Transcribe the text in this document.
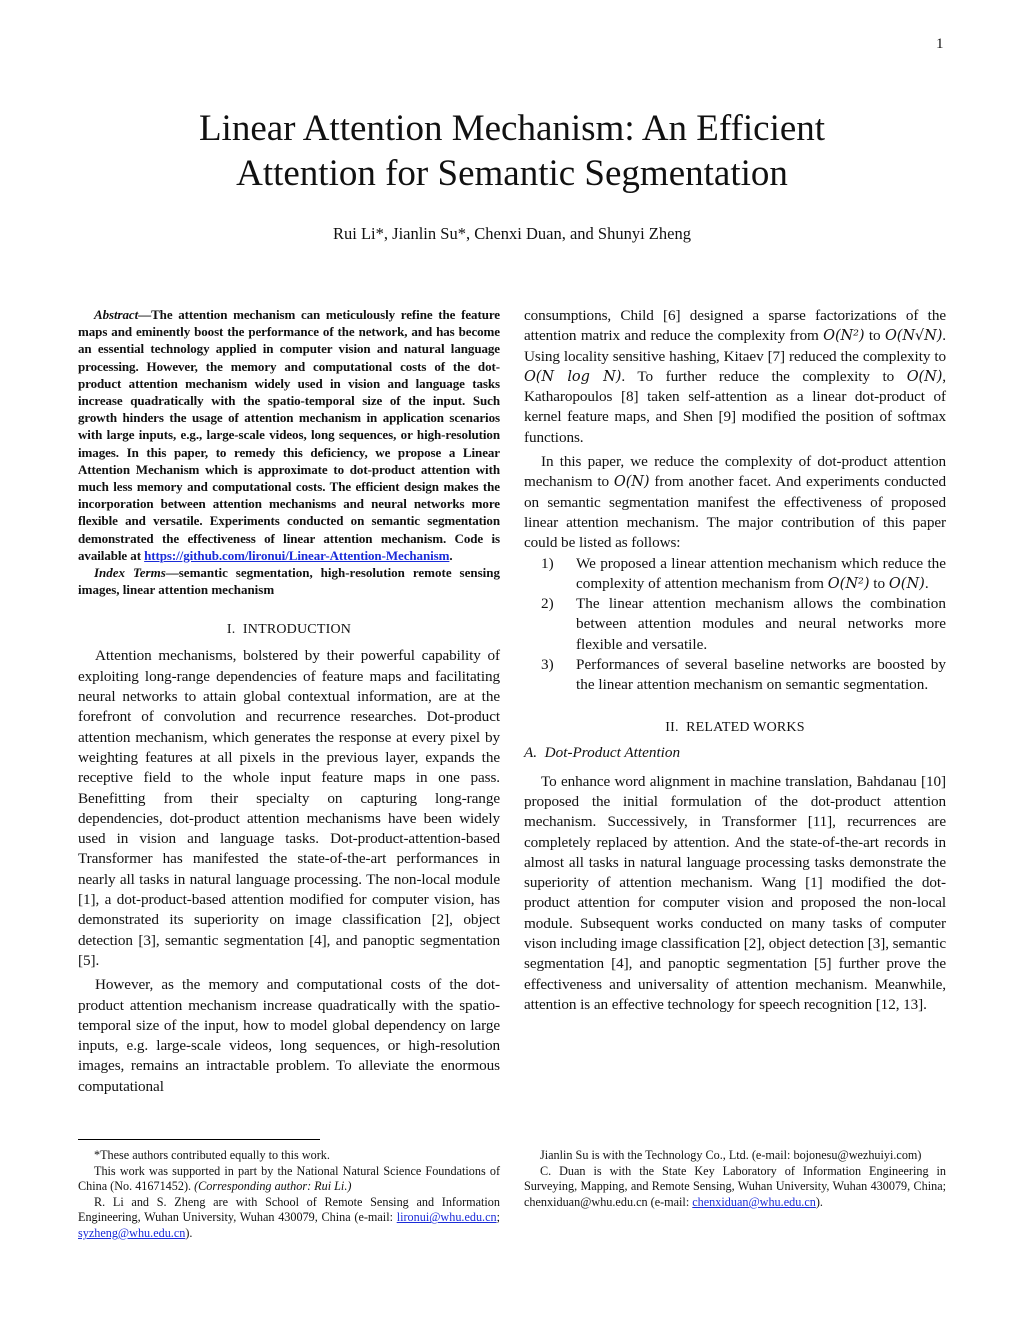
1
Linear Attention Mechanism: An Efficient
Attention for Semantic Segmentation
Rui Li*, Jianlin Su*, Chenxi Duan, and Shunyi Zheng

Abstract—The attention mechanism can meticulously refine the feature maps and eminently boost the performance of the network, and has become an essential technology applied in computer vision and natural language processing. However, the memory and computational costs of the dot-product attention mechanism widely used in vision and language tasks increase quadratically with the spatio-temporal size of the input. Such growth hinders the usage of attention mechanism in application scenarios with large inputs, e.g., large-scale videos, long sequences, or high-resolution images. In this paper, to remedy this deficiency, we propose a Linear Attention Mechanism which is approximate to dot-product attention with much less memory and computational costs. The efficient design makes the incorporation between attention mechanisms and neural networks more flexible and versatile. Experiments conducted on semantic segmentation demonstrated the effectiveness of linear attention mechanism. Code is available at https://github.com/lironui/Linear-Attention-Mechanism.

Index Terms—semantic segmentation, high-resolution remote sensing images, linear attention mechanism

I. INTRODUCTION

Attention mechanisms, bolstered by their powerful capability of exploiting long-range dependencies of feature maps and facilitating neural networks to attain global contextual information, are at the forefront of convolution and recurrence researches. Dot-product attention mechanism, which generates the response at every pixel by weighting features at all pixels in the previous layer, expands the receptive field to the whole input feature maps in one pass. Benefitting from their specialty on capturing long-range dependencies, dot-product attention mechanisms have been widely used in vision and language tasks. Dot-product-attention-based Transformer has manifested the state-of-the-art performances in nearly all tasks in natural language processing. The non-local module [1], a dot-product-based attention modified for computer vision, has demonstrated its superiority on image classification [2], object detection [3], semantic segmentation [4], and panoptic segmentation [5].

However, as the memory and computational costs of the dot-product attention mechanism increase quadratically with the spatio-temporal size of the input, how to model global dependency on large inputs, e.g. large-scale videos, long sequences, or high-resolution images, remains an intractable problem. To alleviate the enormous computational

consumptions, Child [6] designed a sparse factorizations of the attention matrix and reduce the complexity from O(N²) to O(N√N). Using locality sensitive hashing, Kitaev [7] reduced the complexity to O(N log N). To further reduce the complexity to O(N), Katharopoulos [8] taken self-attention as a linear dot-product of kernel feature maps, and Shen [9] modified the position of softmax functions.

In this paper, we reduce the complexity of dot-product attention mechanism to O(N) from another facet. And experiments conducted on semantic segmentation manifest the effectiveness of proposed linear attention mechanism. The major contribution of this paper could be listed as follows:

1) We proposed a linear attention mechanism which reduce the complexity of attention mechanism from O(N²) to O(N).
2) The linear attention mechanism allows the combination between attention modules and neural networks more flexible and versatile.
3) Performances of several baseline networks are boosted by the linear attention mechanism on semantic segmentation.
II. RELATED WORKS
A. Dot-Product Attention

To enhance word alignment in machine translation, Bahdanau [10] proposed the initial formulation of the dot-product attention mechanism. Successively, in Transformer [11], recurrences are completely replaced by attention. And the state-of-the-art records in almost all tasks in natural language processing tasks demonstrate the superiority of attention mechanism. Wang [1] modified the dot-product attention for computer vision and proposed the non-local module. Subsequent works conducted on many tasks of computer vison including image classification [2], object detection [3], semantic segmentation [4], and panoptic segmentation [5] further prove the effectiveness and universality of attention mechanism. Meanwhile, attention is an effective technology for speech recognition [12, 13].

*These authors contributed equally to this work.

This work was supported in part by the National Natural Science Foundations of China (No. 41671452). (Corresponding author: Rui Li.)

R. Li and S. Zheng are with School of Remote Sensing and Information Engineering, Wuhan University, Wuhan 430079, China (e-mail: lironui@whu.edu.cn; syzheng@whu.edu.cn).

Jianlin Su is with the Technology Co., Ltd. (e-mail: bojonesu@wezhuiyi.com)

C. Duan is with the State Key Laboratory of Information Engineering in Surveying, Mapping, and Remote Sensing, Wuhan University, Wuhan 430079, China; chenxiduan@whu.edu.cn (e-mail: chenxiduan@whu.edu.cn).
